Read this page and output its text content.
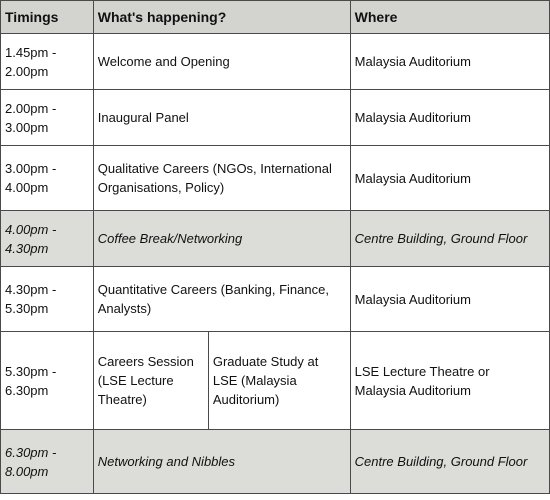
Timings	What's happening?		Where
1.45pm -
2.00pm	Welcome and Opening		Malaysia Auditorium
2.00pm -
3.00pm	Inaugural Panel		Malaysia Auditorium
3.00pm -
4.00pm	Qualitative Careers (NGOs, International
Organisations, Policy)		Malaysia Auditorium
4.00pm -
4.30pm	Coffee Break/Networking		Centre Building, Ground Floor
4.30pm -
5.30pm	Quantitative Careers (Banking, Finance,
Analysts)		Malaysia Auditorium
5.30pm -
6.30pm	Careers Session
(LSE Lecture
Theatre)	Graduate Study at
LSE (Malaysia
Auditorium)	LSE Lecture Theatre or
Malaysia Auditorium
6.30pm -
8.00pm	Networking and Nibbles		Centre Building, Ground Floor
